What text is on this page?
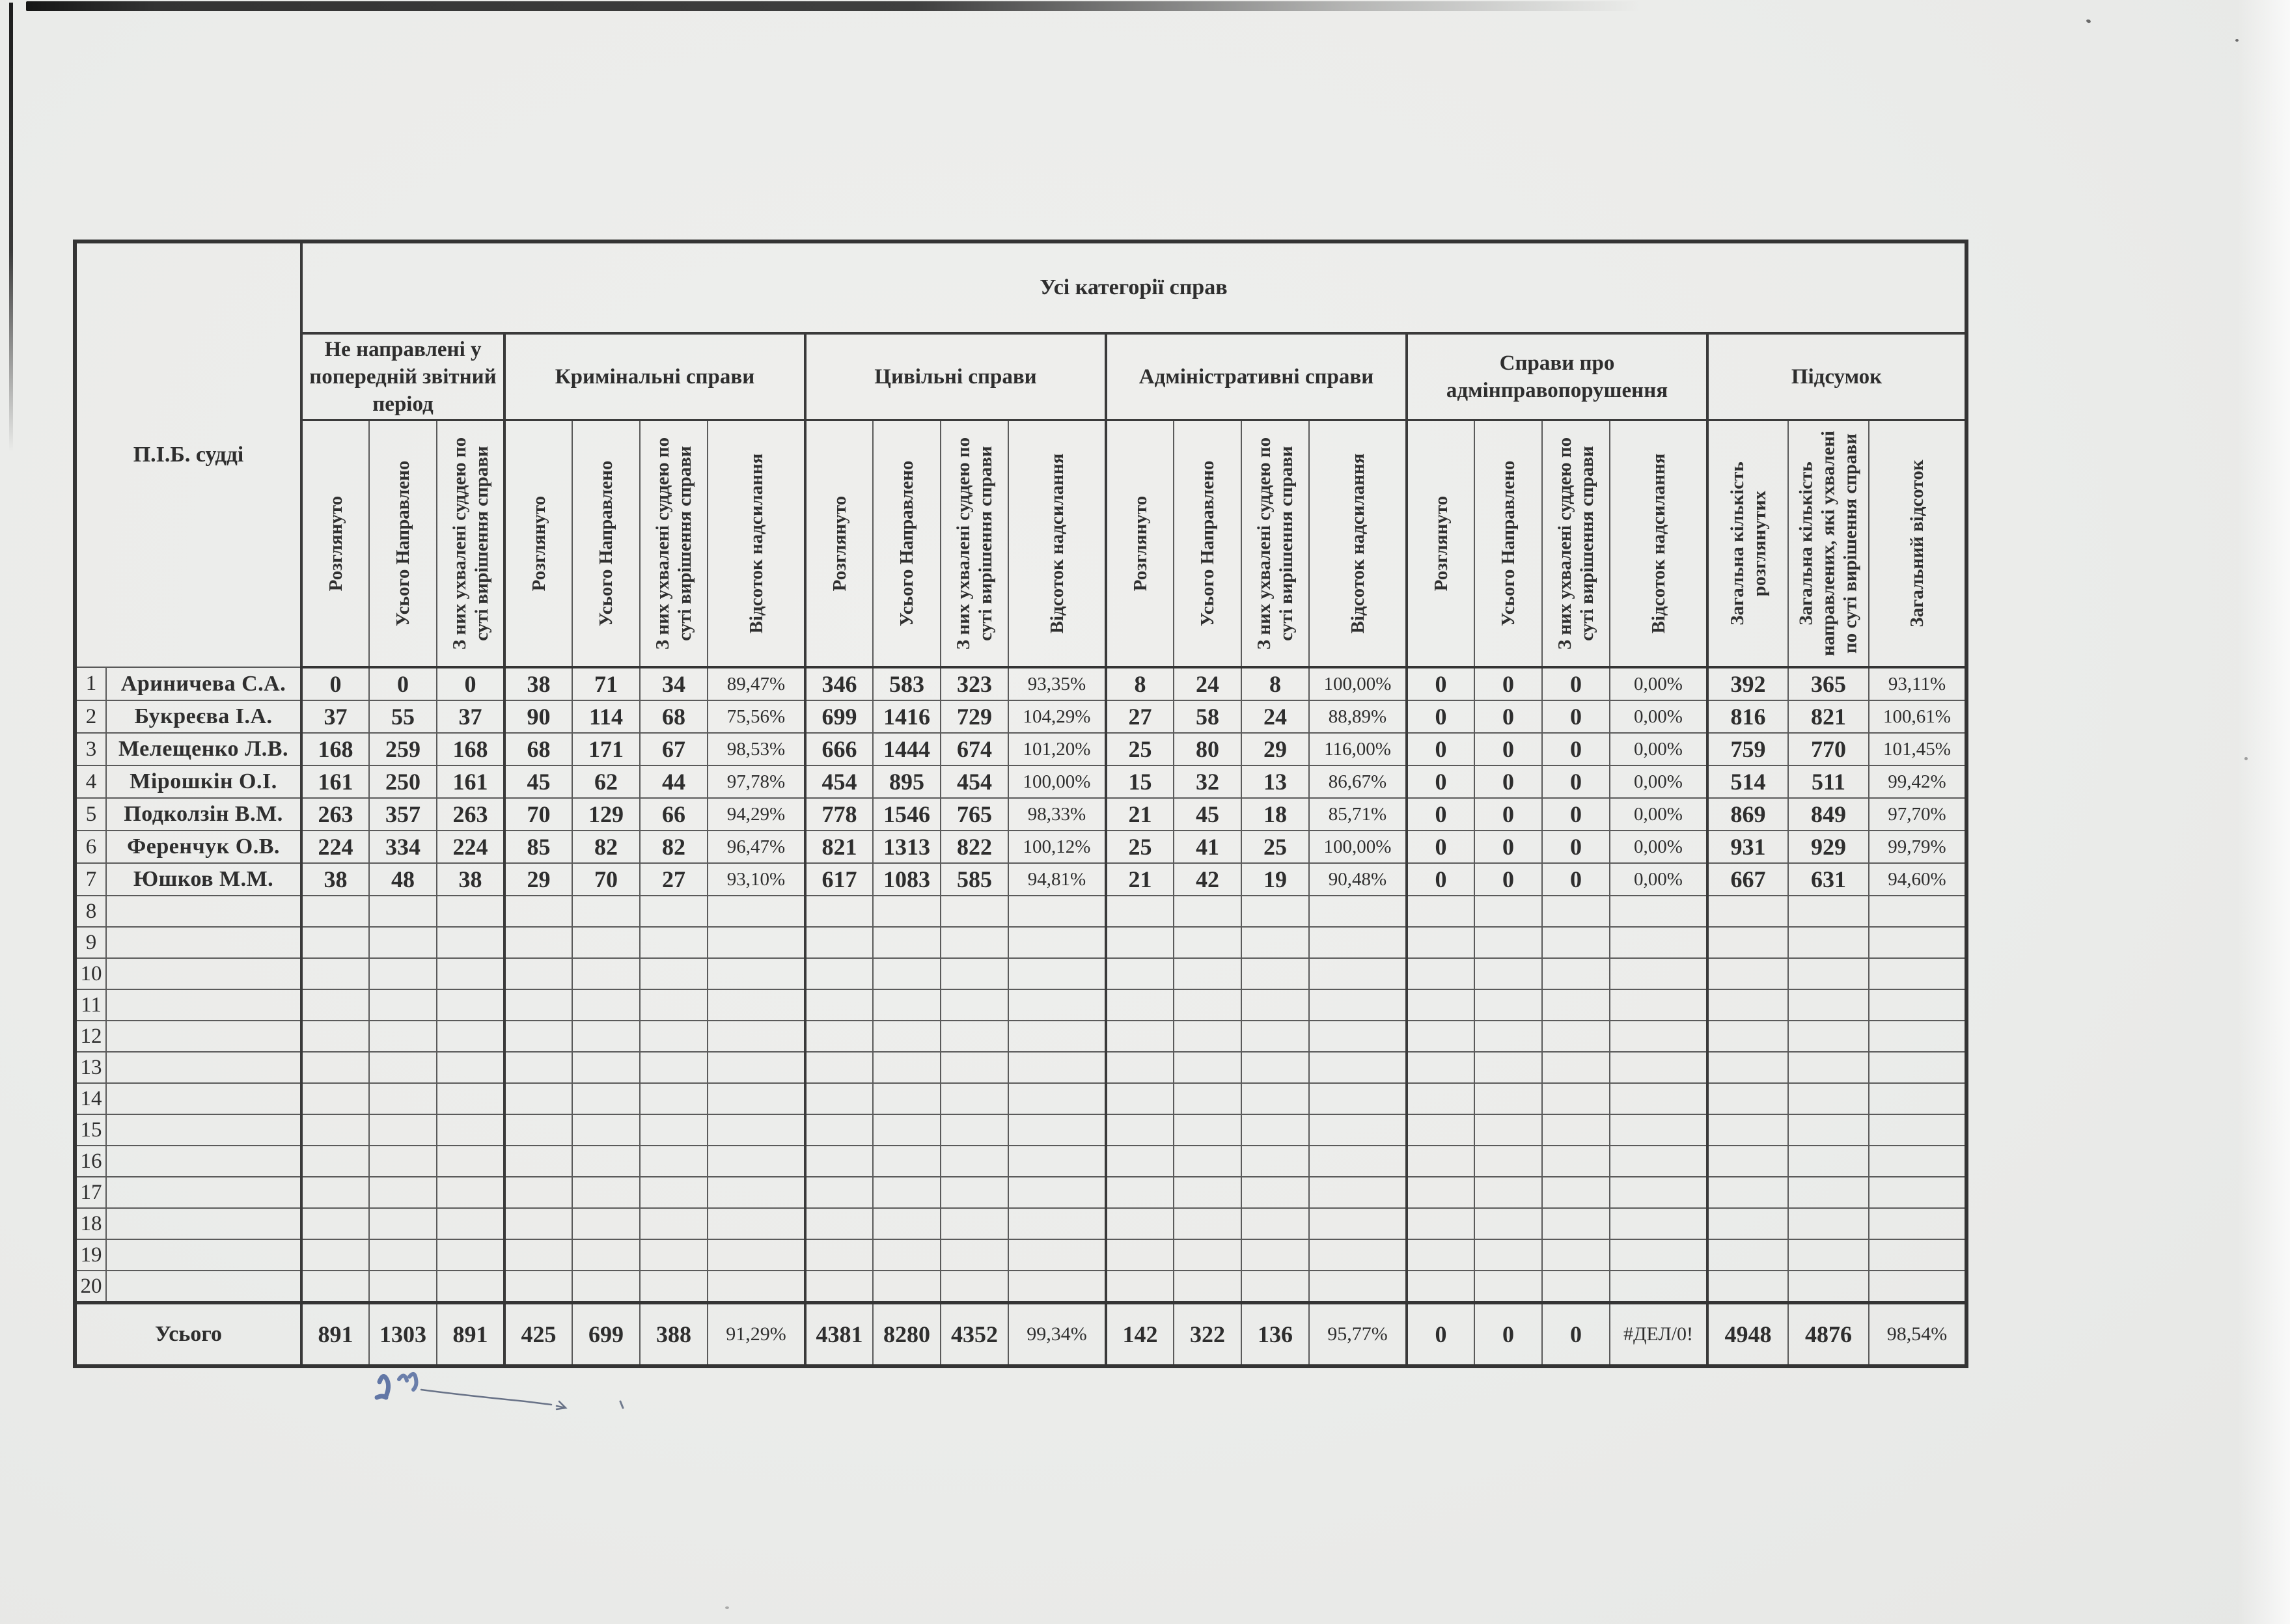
П.І.Б. судді		Усі категорії справ																					
		Не направлені у попередній звітний період			Кримінальні справи				Цивільні справи				Адміністративні справи				Справи про адмінправопорушення				Підсумок		

		Розглянуто	Усього Направлено	З них ухвалені суддею по суті вирішення справи	Розглянуто	Усього Направлено	З них ухвалені суддею по суті вирішення справи	Відсоток надсилання	Розглянуто	Усього Направлено	З них ухвалені суддею по суті вирішення справи	Відсоток надсилання	Розглянуто	Усього Направлено	З них ухвалені суддею по суті вирішення справи	Відсоток надсилання	Розглянуто	Усього Направлено	З них ухвалені суддею по суті вирішення справи	Відсоток надсилання	Загальна кількість розглянутих	Загальна кількість направлених, які ухвалені по суті вирішення справи	Загальний відсоток

1	Ариничева С.А.	0	0	0	38	71	34	89,47%	346	583	323	93,35%	8	24	8	100,00%	0	0	0	0,00%	392	365	93,11%
2	Букреєва І.А.	37	55	37	90	114	68	75,56%	699	1416	729	104,29%	27	58	24	88,89%	0	0	0	0,00%	816	821	100,61%
3	Мелещенко Л.В.	168	259	168	68	171	67	98,53%	666	1444	674	101,20%	25	80	29	116,00%	0	0	0	0,00%	759	770	101,45%
4	Мірошкін О.І.	161	250	161	45	62	44	97,78%	454	895	454	100,00%	15	32	13	86,67%	0	0	0	0,00%	514	511	99,42%
5	Подколзін В.М.	263	357	263	70	129	66	94,29%	778	1546	765	98,33%	21	45	18	85,71%	0	0	0	0,00%	869	849	97,70%
6	Ференчук О.В.	224	334	224	85	82	82	96,47%	821	1313	822	100,12%	25	41	25	100,00%	0	0	0	0,00%	931	929	99,79%
7	Юшков М.М.	38	48	38	29	70	27	93,10%	617	1083	585	94,81%	21	42	19	90,48%	0	0	0	0,00%	667	631	94,60%
8																							
9																							
10																							
11																							
12																							
13																							
14																							
15																							
16																							
17																							
18																							
19																							
20																							
Усього		891	1303	891	425	699	388	91,29%	4381	8280	4352	99,34%	142	322	136	95,77%	0	0	0	#ДЕЛ/0!	4948	4876	98,54%
